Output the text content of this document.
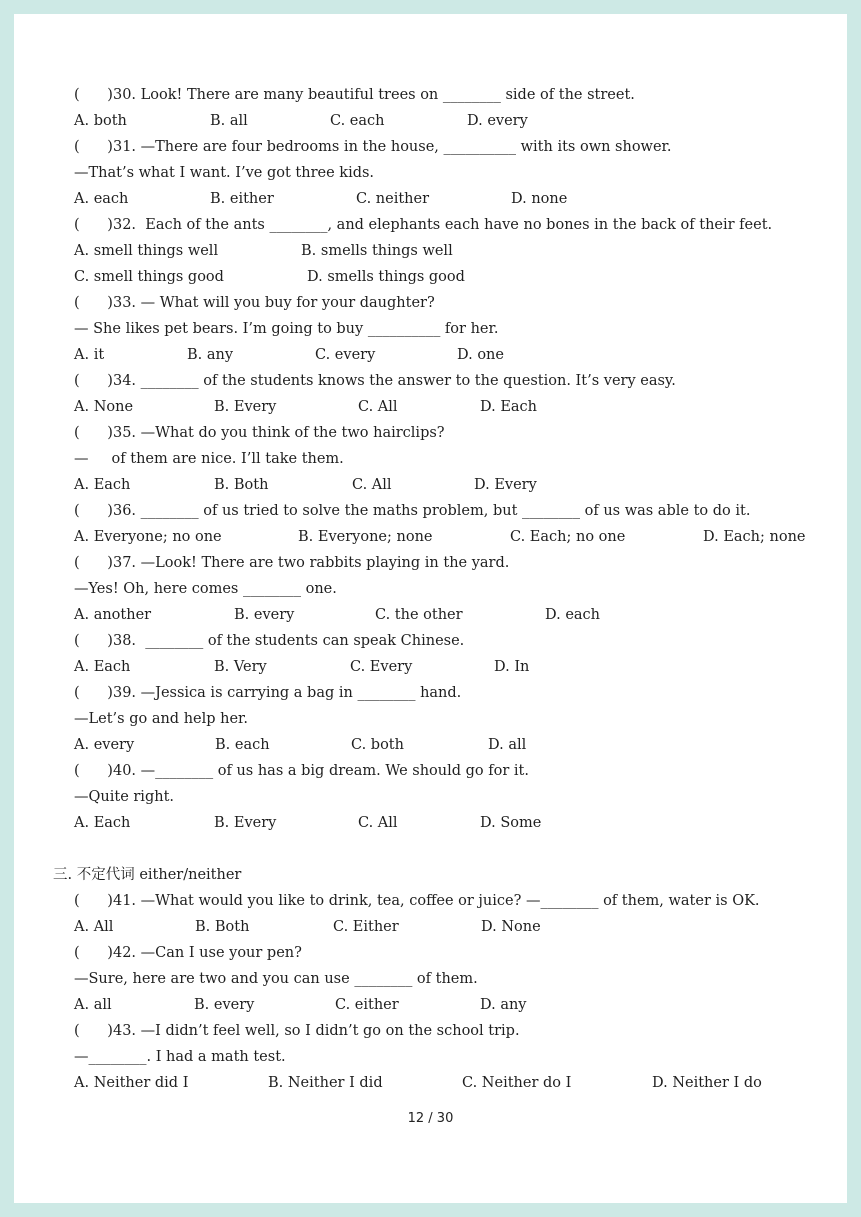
(      )30. Look! There are many beautiful trees on ________ side of the street.
A. both	B. all	C. each	D. every
(      )31. —There are four bedrooms in the house, __________ with its own shower.
—That’s what I want. I’ve got three kids.
A. each	B. either	C. neither	D. none
(      )32.  Each of the ants ________, and elephants each have no bones in the back of their feet.
A. smell things well	B. smells things well
C. smell things good	D. smells things good
(      )33. — What will you buy for your daughter?
— She likes pet bears. I’m going to buy __________ for her.
A. it	B. any	C. every	D. one
(      )34. ________ of the students knows the answer to the question. It’s very easy.
A. None	B. Every	C. All	D. Each
(      )35. —What do you think of the two hairclips?
—     of them are nice. I’ll take them.
A. Each	B. Both	C. All	D. Every
(      )36. ________ of us tried to solve the maths problem, but ________ of us was able to do it.
A. Everyone; no one	B. Everyone; none	C. Each; no one	D. Each; none
(      )37. —Look! There are two rabbits playing in the yard.
—Yes! Oh, here comes ________ one.
A. another	B. every	C. the other	D. each
(      )38.  ________ of the students can speak Chinese.
A. Each	B. Very	C. Every	D. In
(      )39. —Jessica is carrying a bag in ________ hand.
—Let’s go and help her.
A. every	B. each	C. both	D. all
(      )40. —________ of us has a big dream. We should go for it.
—Quite right.
A. Each	B. Every	C. All	D. Some
三. 不定代词 either/neither
(      )41. —What would you like to drink, tea, coffee or juice? —________ of them, water is OK.
A. All	B. Both	C. Either	D. None
(      )42. —Can I use your pen?
—Sure, here are two and you can use ________ of them.
A. all	B. every	C. either	D. any
(      )43. —I didn’t feel well, so I didn’t go on the school trip.
—________. I had a math test.
A. Neither did I	B. Neither I did	C. Neither do I	D. Neither I do
12 / 30
